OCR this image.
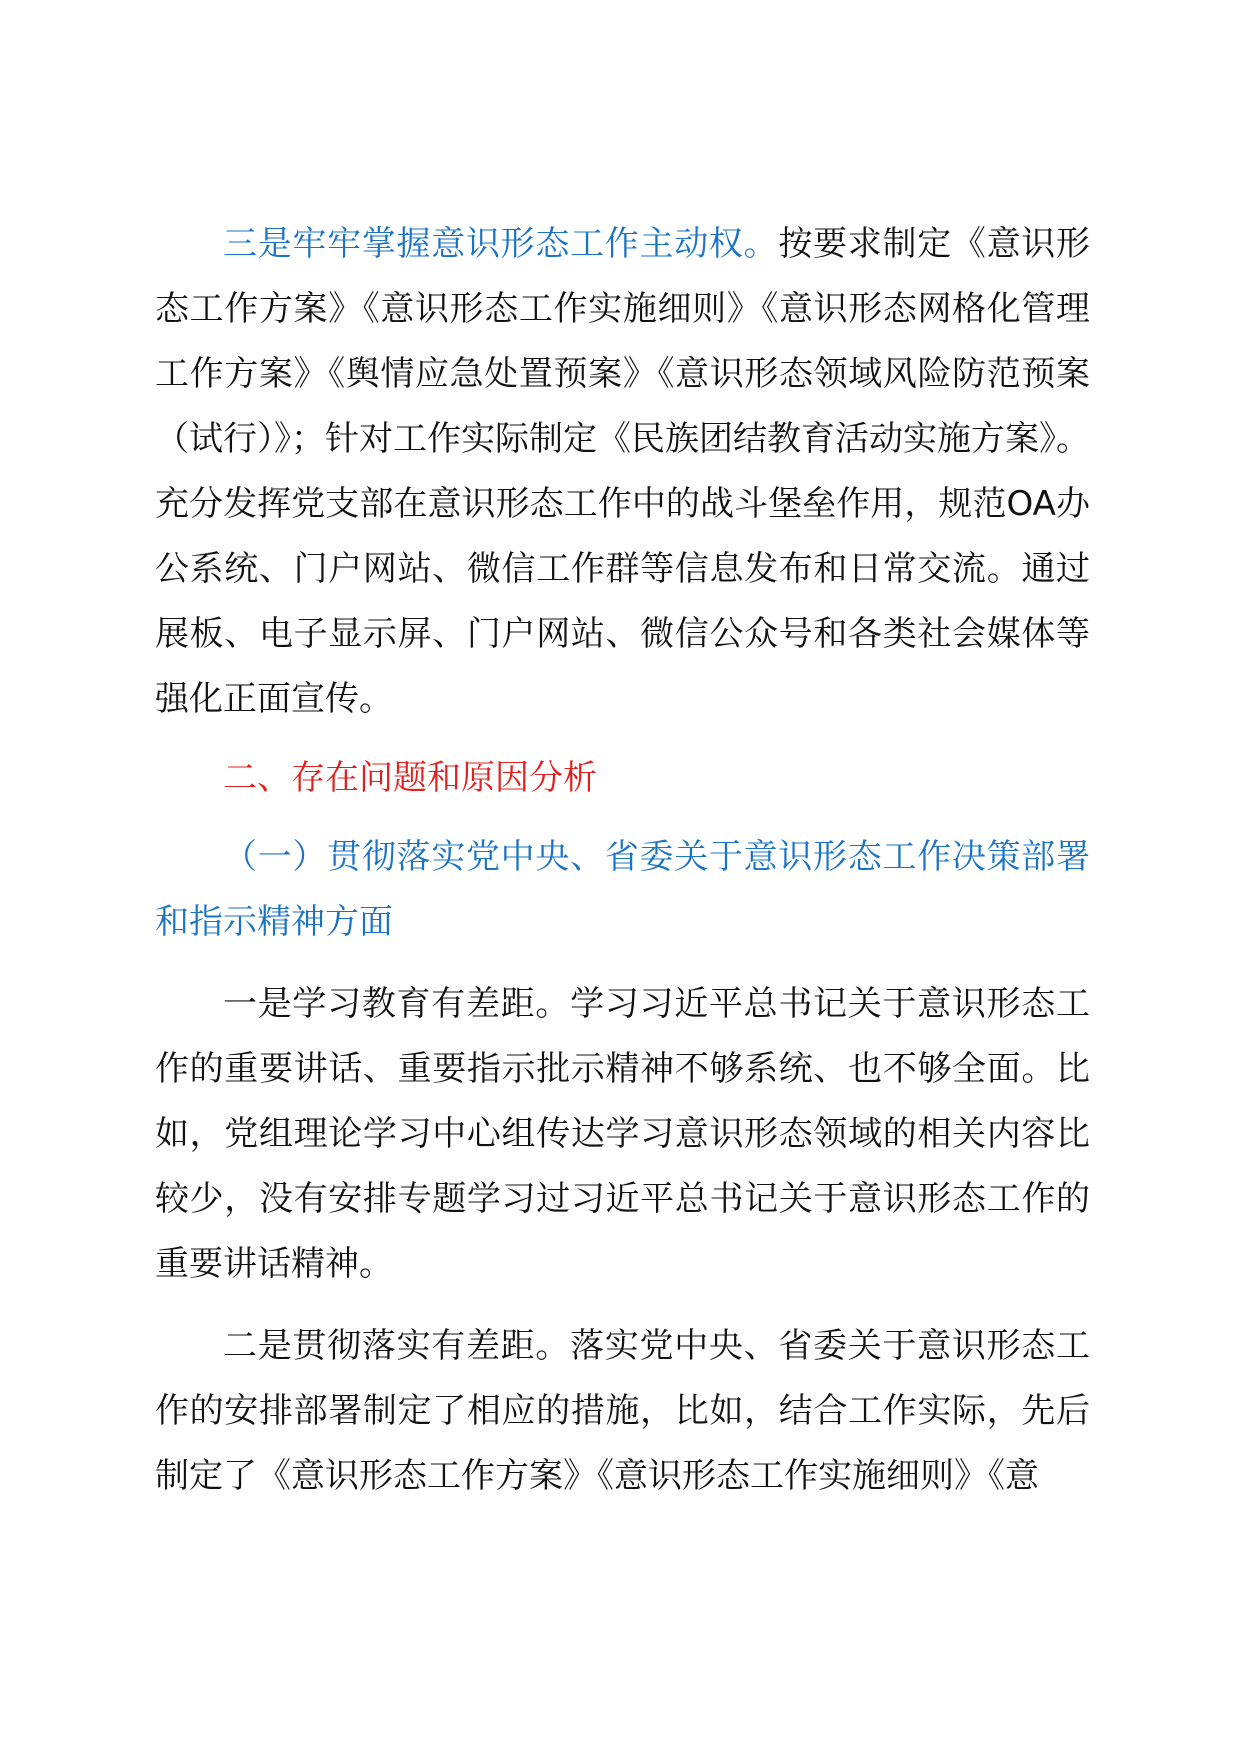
三是牢牢掌握意识形态工作主动权。按要求制定《意识形态工作方案》《意识形态工作实施细则》《意识形态网格化管理工作方案》《舆情应急处置预案》《意识形态领域风险防范预案（试行）》；针对工作实际制定《民族团结教育活动实施方案》。充分发挥党支部在意识形态工作中的战斗堡垒作用，规范OA办公系统、门户网站、微信工作群等信息发布和日常交流。通过展板、电子显示屏、门户网站、微信公众号和各类社会媒体等强化正面宣传。

二、存在问题和原因分析

（一）贯彻落实党中央、省委关于意识形态工作决策部署和指示精神方面

一是学习教育有差距。学习习近平总书记关于意识形态工作的重要讲话、重要指示批示精神不够系统、也不够全面。比如，党组理论学习中心组传达学习意识形态领域的相关内容比较少，没有安排专题学习过习近平总书记关于意识形态工作的重要讲话精神。

二是贯彻落实有差距。落实党中央、省委关于意识形态工作的安排部署制定了相应的措施，比如，结合工作实际，先后制定了《意识形态工作方案》《意识形态工作实施细则》《意
